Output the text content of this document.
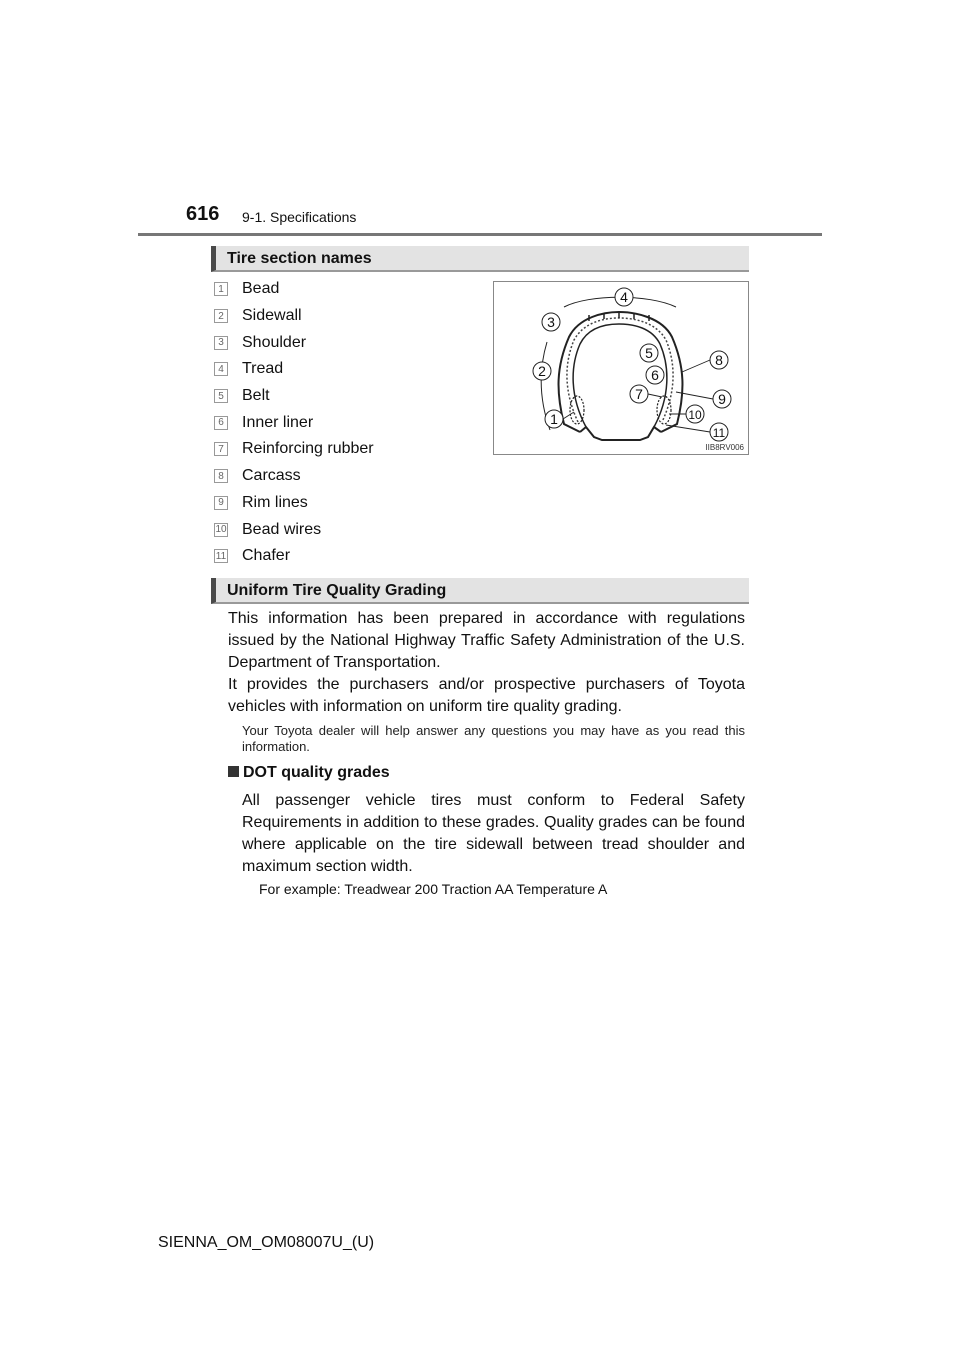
616 9-1. Specifications
Tire section names
1 Bead
2 Sidewall
3 Shoulder
4 Tread
5 Belt
6 Inner liner
7 Reinforcing rubber
8 Carcass
9 Rim lines
10 Bead wires
11 Chafer
4
3
5	8
2	6
7	9
10
1
11
IIB8RV006
Uniform Tire Quality Grading

This information has been prepared in accordance with regulations issued by the National Highway Traffic Safety Administration of the U.S. Department of Transportation.

It provides the purchasers and/or prospective purchasers of Toyota vehicles with information on uniform tire quality grading.

Your Toyota dealer will help answer any questions you may have as you read this information.

DOT quality grades

All passenger vehicle tires must conform to Federal Safety Requirements in addition to these grades. Quality grades can be found where applicable on the tire sidewall between tread shoulder and maximum section width.

For example: Treadwear 200 Traction AA Temperature A
SIENNA_OM_OM08007U_(U)
